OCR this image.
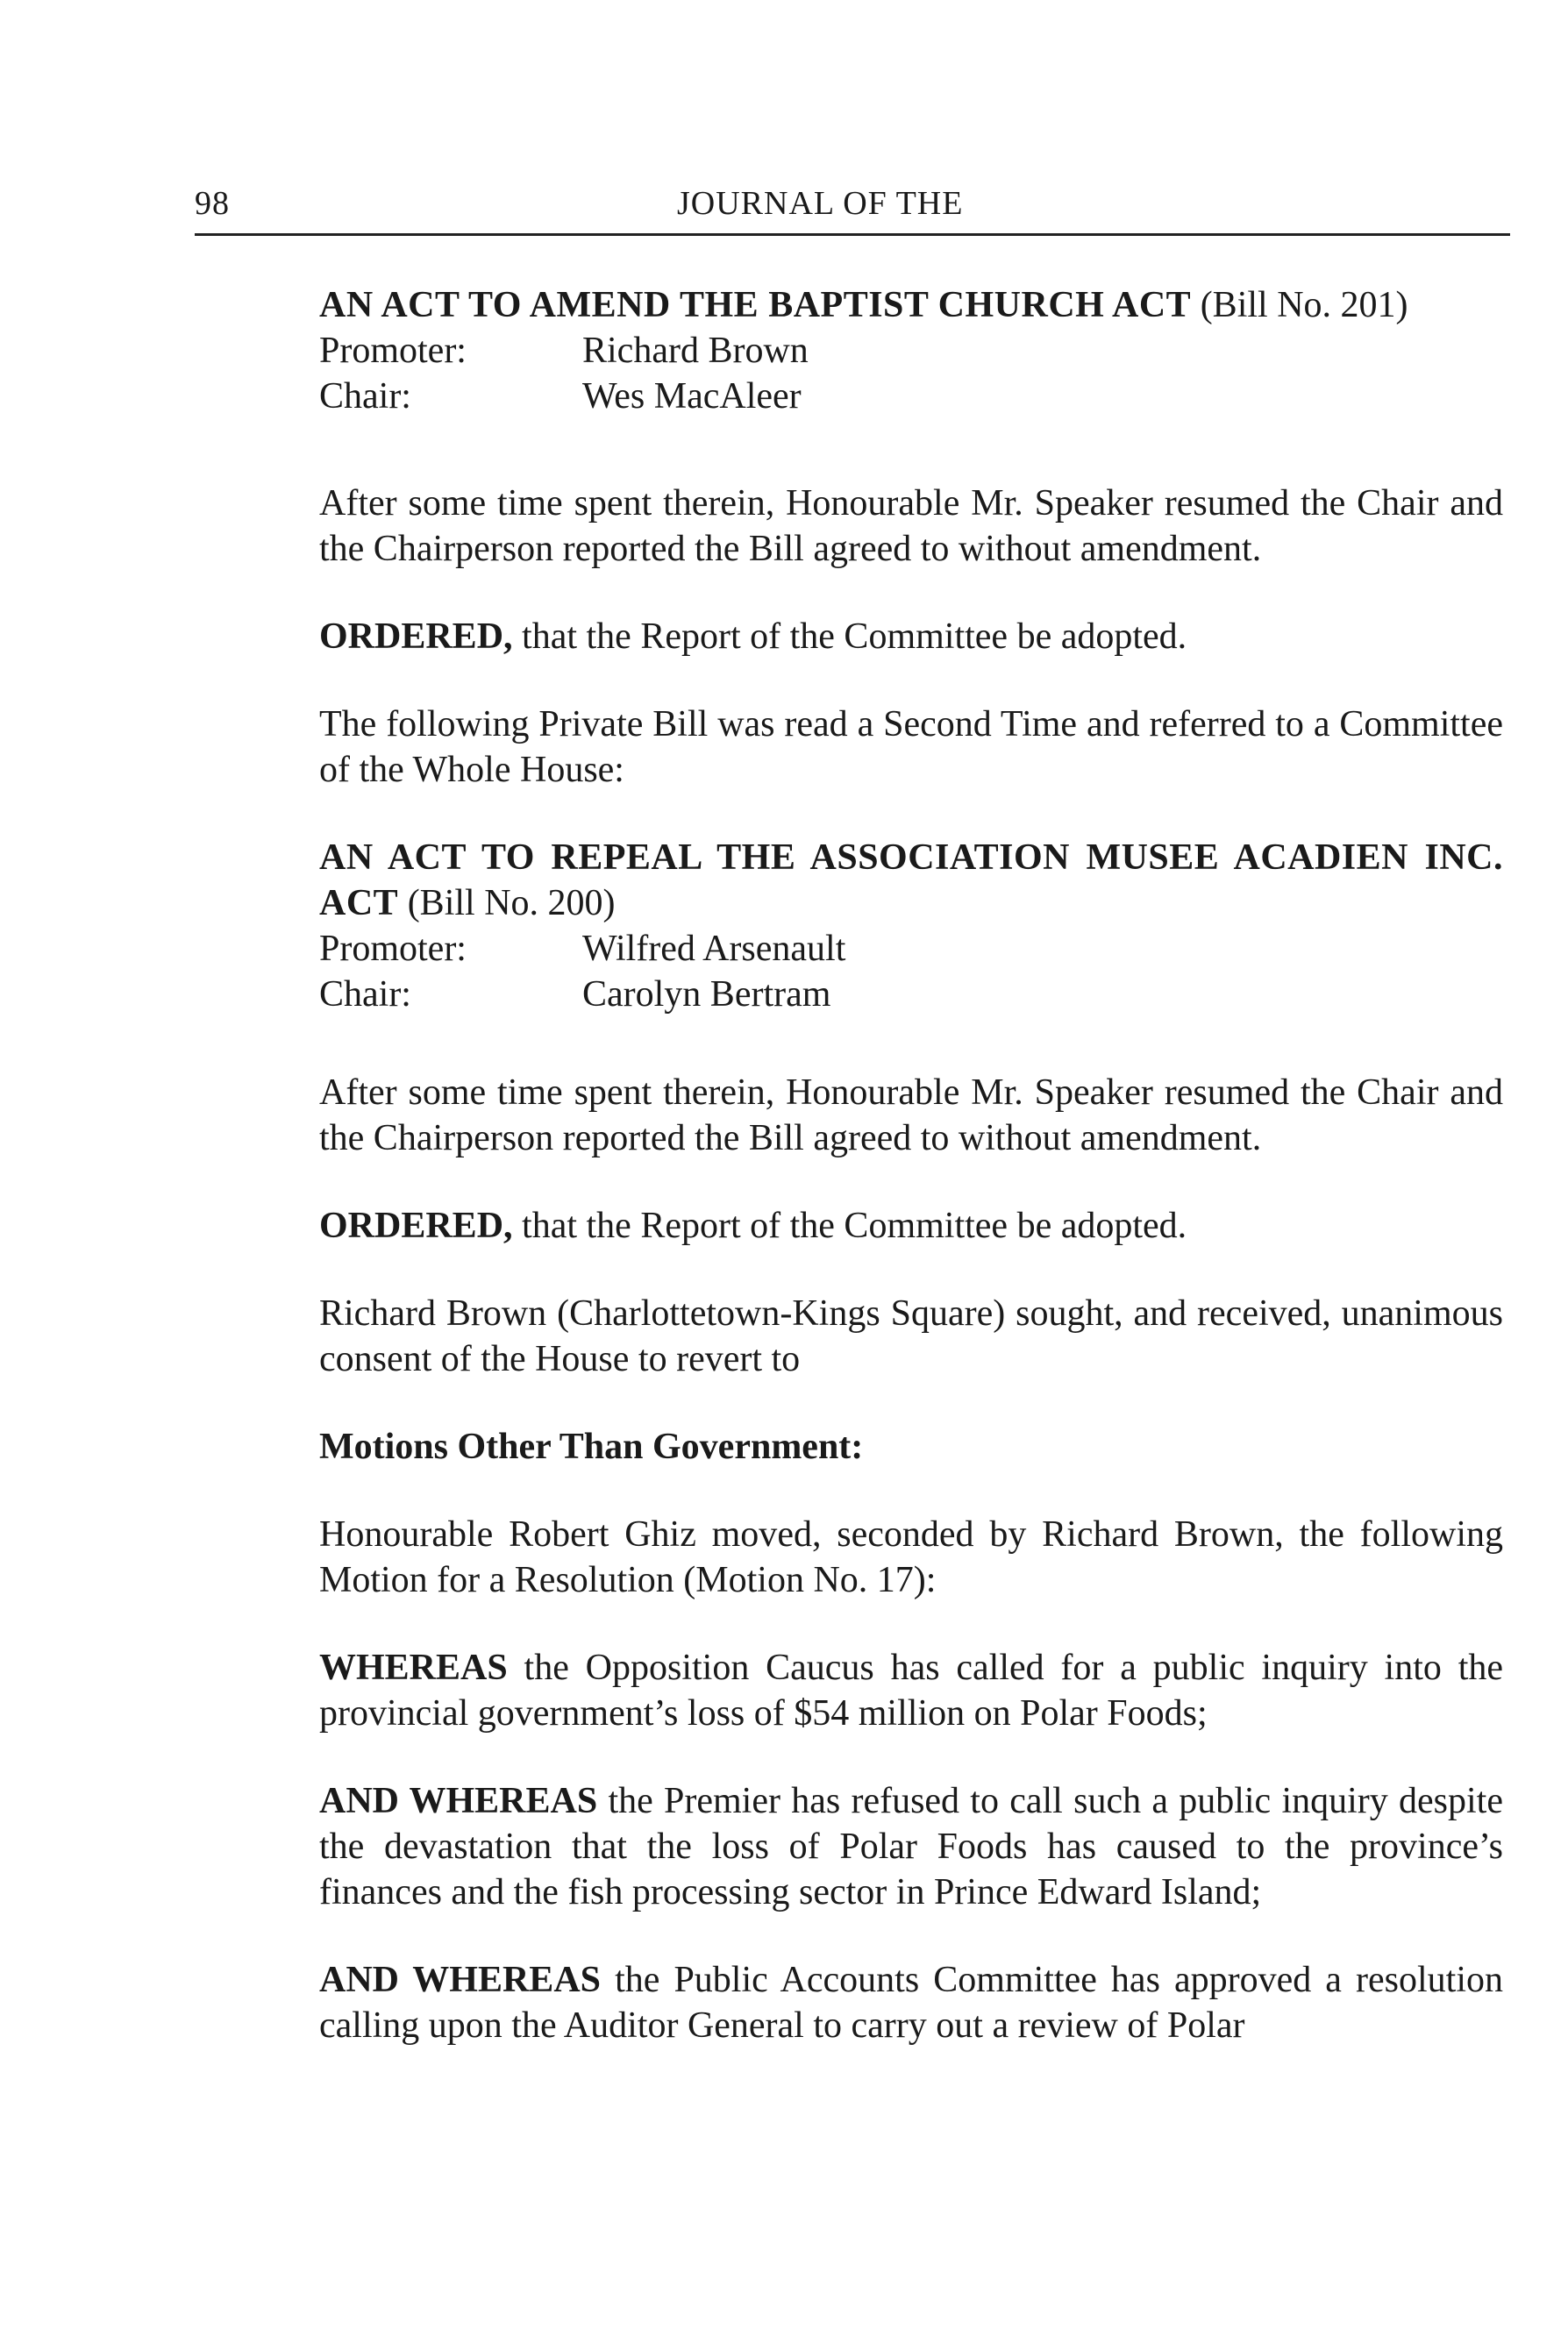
98	JOURNAL OF THE
AN ACT TO AMEND THE BAPTIST CHURCH ACT (Bill No. 201)
Promoter:	Richard Brown
Chair:	Wes MacAleer
After some time spent therein, Honourable Mr. Speaker resumed the Chair and the Chairperson reported the Bill agreed to without amendment.
ORDERED, that the Report of the Committee be adopted.
The following Private Bill was read a Second Time and referred to a Committee of the Whole House:
AN ACT TO REPEAL THE ASSOCIATION MUSEE ACADIEN INC.
ACT (Bill No. 200)
Promoter:	Wilfred Arsenault
Chair:	Carolyn Bertram
After some time spent therein, Honourable Mr. Speaker resumed the Chair and the Chairperson reported the Bill agreed to without amendment.
ORDERED, that the Report of the Committee be adopted.
Richard Brown (Charlottetown-Kings Square) sought, and received, unanimous consent of the House to revert to
Motions Other Than Government:
Honourable Robert Ghiz moved, seconded by Richard Brown, the following Motion for a Resolution (Motion No. 17):
WHEREAS the Opposition Caucus has called for a public inquiry into the provincial government’s loss of $54 million on Polar Foods;
AND WHEREAS the Premier has refused to call such a public inquiry despite the devastation that the loss of Polar Foods has caused to the province’s finances and the fish processing sector in Prince Edward Island;
AND WHEREAS the Public Accounts Committee has approved a resolution calling upon the Auditor General to carry out a review of Polar
